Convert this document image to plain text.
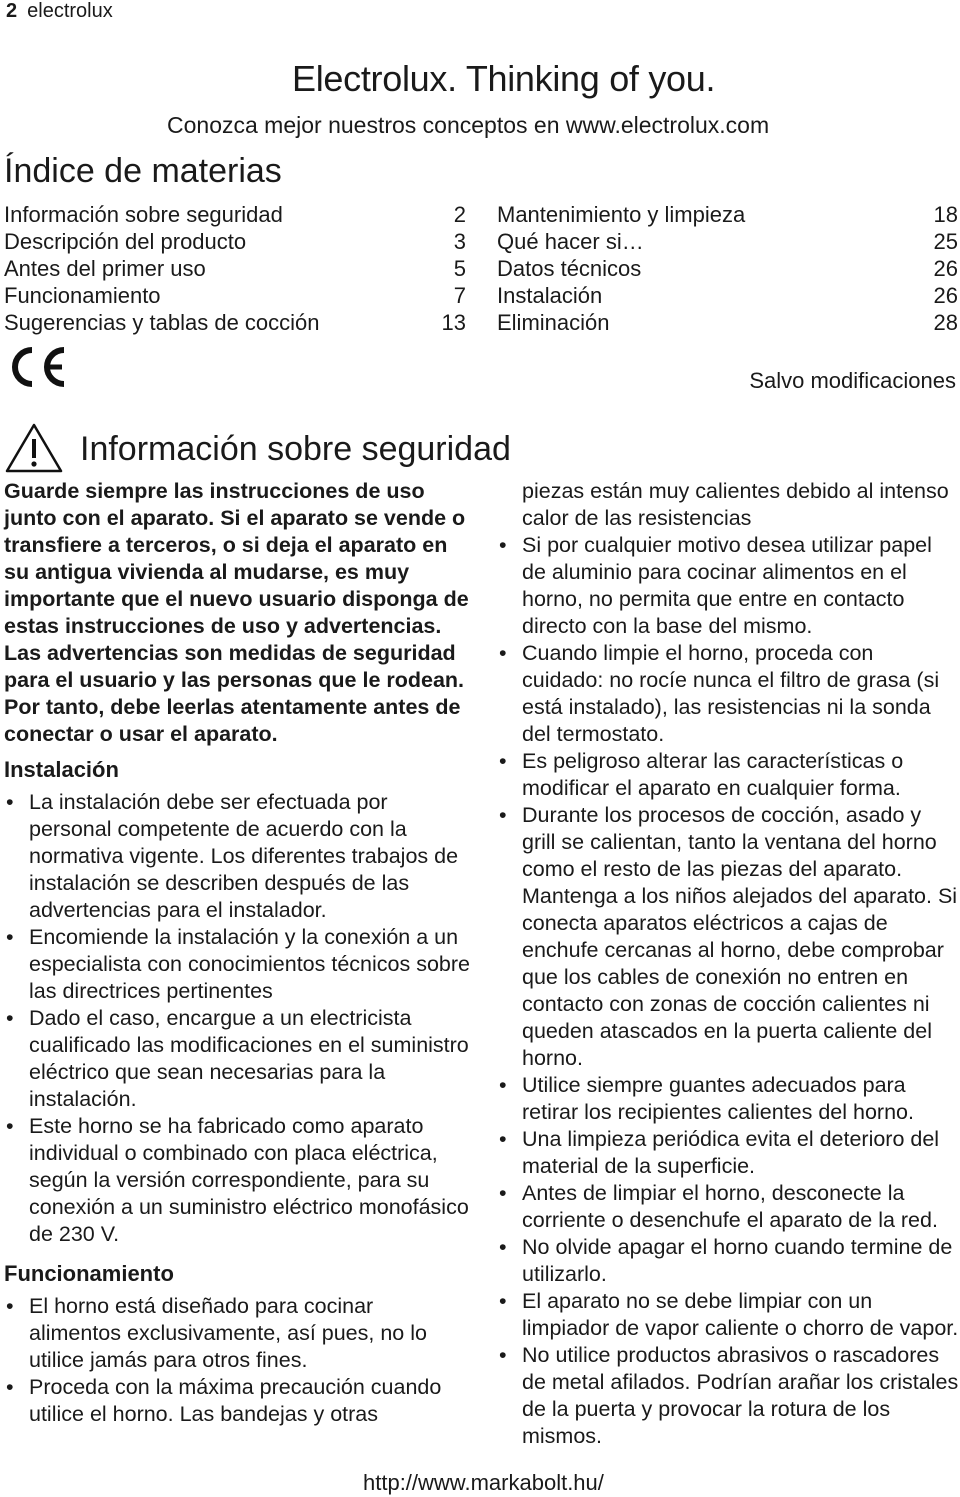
2 electrolux
Electrolux. Thinking of you.
Conozca mejor nuestros conceptos en www.electrolux.com
Índice de materias
Información sobre seguridad	2
Descripción del producto	3
Antes del primer uso	5
Funcionamiento	7
Sugerencias y tablas de cocción	13
Mantenimiento y limpieza	18
Qué hacer si…	25
Datos técnicos	26
Instalación	26
Eliminación	28
Salvo modificaciones
Información sobre seguridad

Guarde siempre las instrucciones de uso junto con el aparato. Si el aparato se vende o transfiere a terceros, o si deja el aparato en su antigua vivienda al mudarse, es muy importante que el nuevo usuario disponga de estas instrucciones de uso y advertencias.

Las advertencias son medidas de seguridad para el usuario y las personas que le rodean. Por tanto, debe leerlas atentamente antes de conectar o usar el aparato.

Instalación
• La instalación debe ser efectuada por personal competente de acuerdo con la normativa vigente. Los diferentes trabajos de instalación se describen después de las advertencias para el instalador.
• Encomiende la instalación y la conexión a un especialista con conocimientos técnicos sobre las directrices pertinentes
• Dado el caso, encargue a un electricista cualificado las modificaciones en el suministro eléctrico que sean necesarias para la instalación.
• Este horno se ha fabricado como aparato individual o combinado con placa eléctrica, según la versión correspondiente, para su conexión a un suministro eléctrico monofásico de 230 V.
Funcionamiento
• El horno está diseñado para cocinar alimentos exclusivamente, así pues, no lo utilice jamás para otros fines.
• Proceda con la máxima precaución cuando utilice el horno. Las bandejas y otras

piezas están muy calientes debido al intenso calor de las resistencias

• Si por cualquier motivo desea utilizar papel de aluminio para cocinar alimentos en el horno, no permita que entre en contacto directo con la base del mismo.
• Cuando limpie el horno, proceda con cuidado: no rocíe nunca el filtro de grasa (si está instalado), las resistencias ni la sonda del termostato.
• Es peligroso alterar las características o modificar el aparato en cualquier forma.
• Durante los procesos de cocción, asado y grill se calientan, tanto la ventana del horno como el resto de las piezas del aparato. Mantenga a los niños alejados del aparato. Si conecta aparatos eléctricos a cajas de enchufe cercanas al horno, debe comprobar que los cables de conexión no entren en contacto con zonas de cocción calientes ni queden atascados en la puerta caliente del horno.
• Utilice siempre guantes adecuados para retirar los recipientes calientes del horno.
• Una limpieza periódica evita el deterioro del material de la superficie.
• Antes de limpiar el horno, desconecte la corriente o desenchufe el aparato de la red.
• No olvide apagar el horno cuando termine de utilizarlo.
• El aparato no se debe limpiar con un limpiador de vapor caliente o chorro de vapor.
• No utilice productos abrasivos o rascadores de metal afilados. Podrían arañar los cristales de la puerta y provocar la rotura de los mismos.
http://www.markabolt.hu/
